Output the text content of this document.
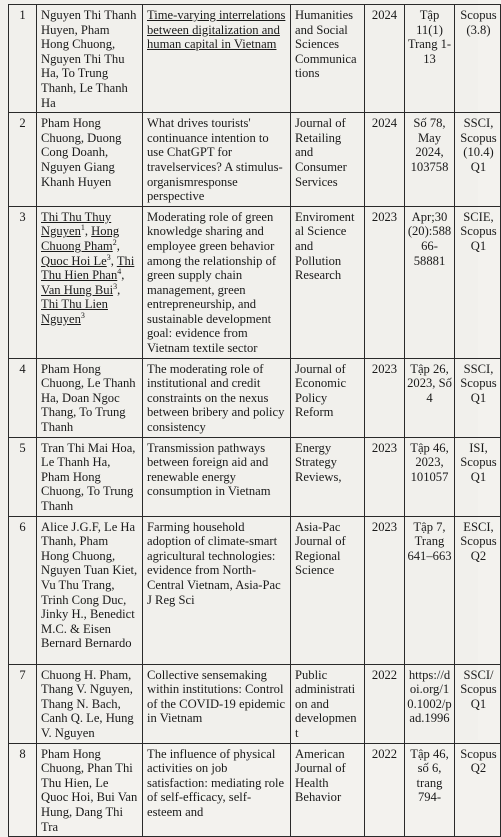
1	Nguyen Thi Thanh Huyen, Pham Hong Chuong, Nguyen Thi Thu Ha, To Trung Thanh, Le Thanh Ha	Time-varying interrelations between digitalization and human capital in Vietnam	Humanities and Social Sciences Communications	2024	Tập 11(1) Trang 1-13	Scopus (3.8)
2	Pham Hong Chuong, Duong Cong Doanh, Nguyen Giang Khanh Huyen	What drives tourists' continuance intention to use ChatGPT for travelservices? A stimulus-organismresponse perspective	Journal of Retailing and Consumer Services	2024	Số 78, May 2024, 103758	SSCI, Scopus (10.4) Q1
3	Thi Thu Thuy Nguyen$^1$, Hong Chuong Pham$^2$, Quoc Hoi Le$^3$, Thi Thu Hien Phan$^4$, Van Hung Bui$^3$, Thi Thu Lien Nguyen$^3$	Moderating role of green knowledge sharing and employee green behavior among the relationship of green supply chain management, green entrepreneurship, and sustainable development goal: evidence from Vietnam textile sector	Enviromental Science and Pollution Research	2023	Apr;30 (20):58866-58881	SCIE, Scopus Q1
4	Pham Hong Chuong, Le Thanh Ha, Doan Ngoc Thang, To Trung Thanh	The moderating role of institutional and credit constraints on the nexus between bribery and policy consistency	Journal of Economic Policy Reform	2023	Tập 26, 2023, Số 4	SSCI, Scopus Q1
5	Tran Thi Mai Hoa, Le Thanh Ha, Pham Hong Chuong, To Trung Thanh	Transmission pathways between foreign aid and renewable energy consumption in Vietnam	Energy Strategy Reviews,	2023	Tập 46, 2023, 101057	ISI, Scopus Q1
6	Alice J.G.F, Le Ha Thanh, Pham Hong Chuong, Nguyen Tuan Kiet, Vu Thu Trang, Trinh Cong Duc, Jinky H., Benedict M.C. & Eisen Bernard Bernardo	Farming household adoption of climate-smart agricultural technologies: evidence from North-Central Vietnam, Asia-Pac J Reg Sci	Asia-Pac Journal of Regional Science	2023	Tập 7, Trang 641–663	ESCI, Scopus Q2
7	Chuong H. Pham, Thang V. Nguyen, Thang N. Bach, Canh Q. Le, Hung V. Nguyen	Collective sensemaking within institutions: Control of the COVID-19 epidemic in Vietnam	Public administration and development	2022	https://doi.org/10.1002/pad.1996	SSCI/ Scopus Q1
8	Pham Hong Chuong, Phan Thi Thu Hien, Le Quoc Hoi, Bui Van Hung, Dang Thi Tra	The influence of physical activities on job satisfaction: mediating role of self-efficacy, self-esteem and	American Journal of Health Behavior	2022	Tập 46, số 6, trang 794-	Scopus Q2
